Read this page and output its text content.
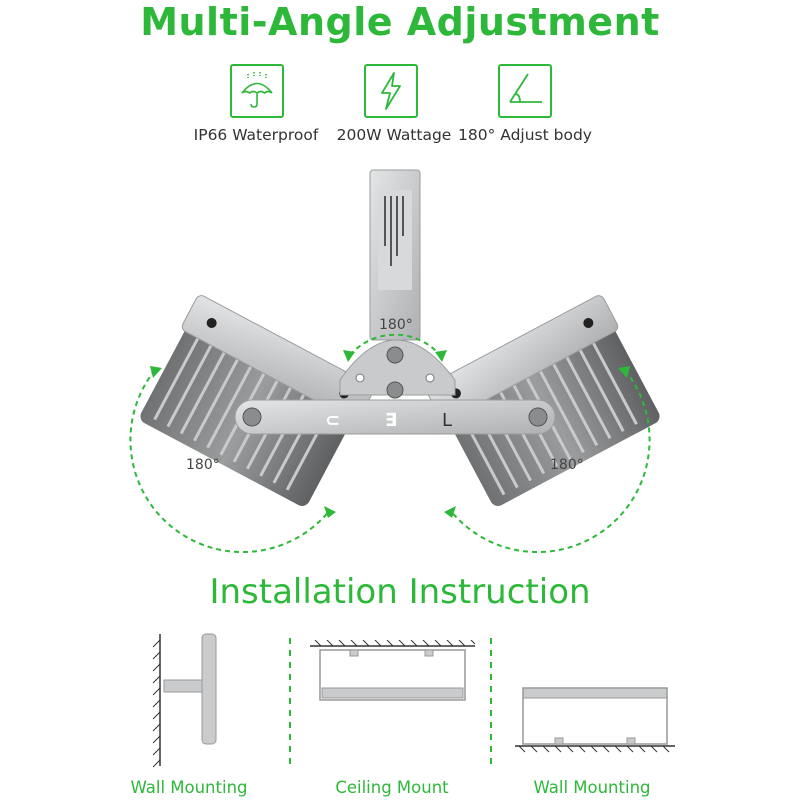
Multi-Angle Adjustment
IP66 Waterproof	200W Wattage 180° Adjust body
⊂ ∃ L
180°
180°	180°
Installation Instruction
Wall Mounting	Ceiling Mount	Wall Mounting
